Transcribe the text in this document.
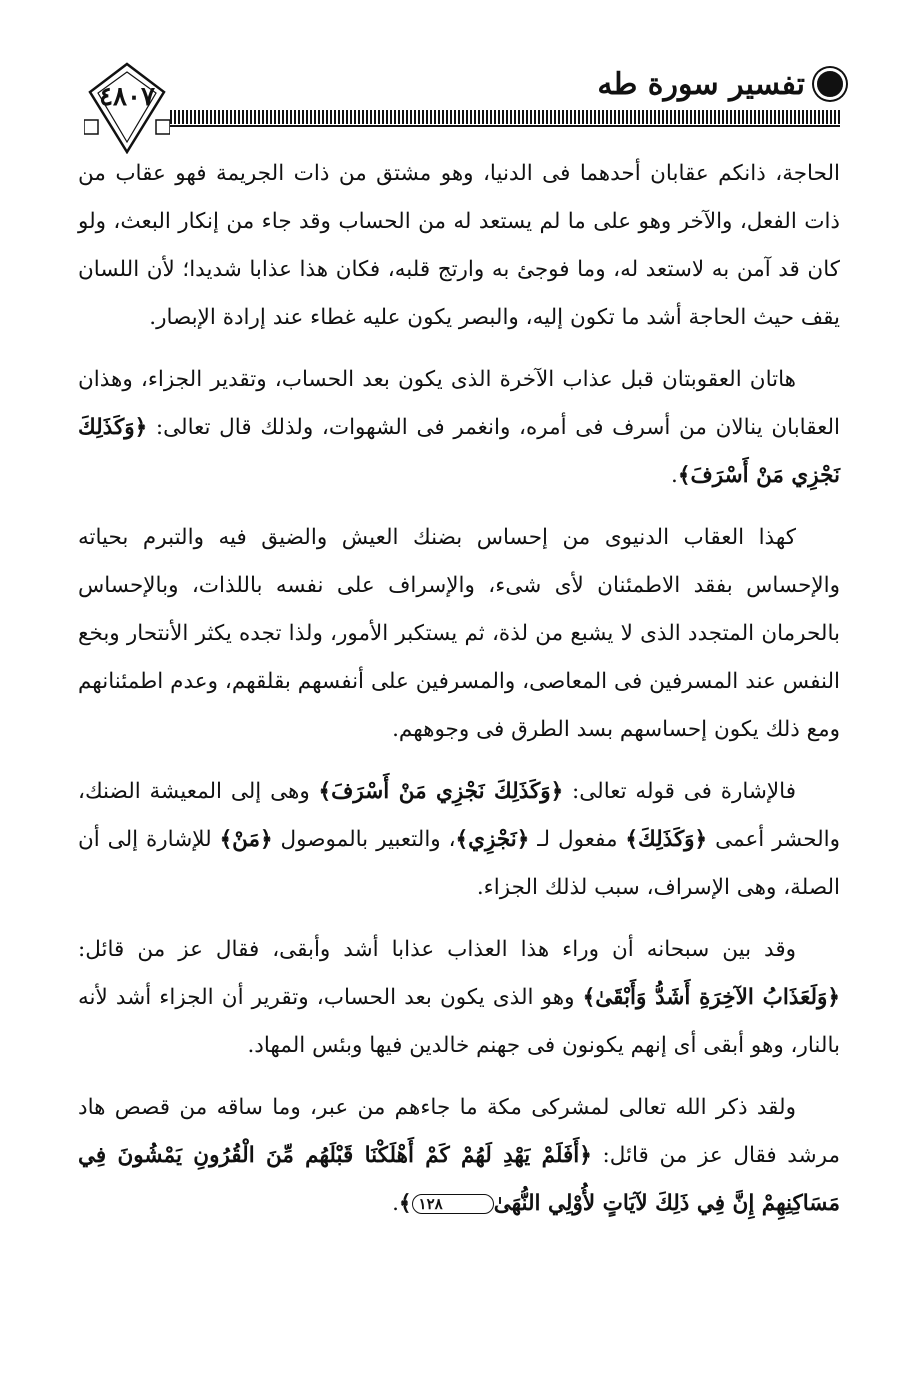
٤٨٠٧	تفسير سورة طه

الحاجة، ذانكم عقابان أحدهما فى الدنيا، وهو مشتق من ذات الجريمة فهو عقاب من ذات الفعل، والآخر وهو على ما لم يستعد له من الحساب وقد جاء من إنكار البعث، ولو كان قد آمن به لاستعد له، وما فوجئ به وارتج قلبه، فكان هذا عذابا شديدا؛ لأن اللسان يقف حيث الحاجة أشد ما تكون إليه، والبصر يكون عليه غطاء عند إرادة الإبصار.

هاتان العقوبتان قبل عذاب الآخرة الذى يكون بعد الحساب، وتقدير الجزاء، وهذان العقابان ينالان من أسرف فى أمره، وانغمر فى الشهوات، ولذلك قال تعالى: ﴿وَكَذَلِكَ نَجْزِي مَنْ أَسْرَفَ﴾.

كهذا العقاب الدنيوى من إحساس بضنك العيش والضيق فيه والتبرم بحياته والإحساس بفقد الاطمئنان لأى شىء، والإسراف على نفسه باللذات، وبالإحساس بالحرمان المتجدد الذى لا يشبع من لذة، ثم يستكبر الأمور، ولذا تجده يكثر الأنتحار وبخع النفس عند المسرفين فى المعاصى، والمسرفين على أنفسهم بقلقهم، وعدم اطمئنانهم ومع ذلك يكون إحساسهم بسد الطرق فى وجوههم.

فالإشارة فى قوله تعالى: ﴿وَكَذَلِكَ نَجْزِي مَنْ أَسْرَفَ﴾ وهى إلى المعيشة الضنك، والحشر أعمى ﴿وَكَذَلِكَ﴾ مفعول لـ ﴿نَجْزِي﴾، والتعبير بالموصول ﴿مَنْ﴾ للإشارة إلى أن الصلة، وهى الإسراف، سبب لذلك الجزاء.

وقد بين سبحانه أن وراء هذا العذاب عذابا أشد وأبقى، فقال عز من قائل: ﴿وَلَعَذَابُ الآخِرَةِ أَشَدُّ وَأَبْقَىٰ﴾ وهو الذى يكون بعد الحساب، وتقرير أن الجزاء أشد لأنه بالنار، وهو أبقى أى إنهم يكونون فى جهنم خالدين فيها وبئس المهاد.

ولقد ذكر الله تعالى لمشركى مكة ما جاءهم من عبر، وما ساقه من قصص هاد مرشد فقال عز من قائل: ﴿أَفَلَمْ يَهْدِ لَهُمْ كَمْ أَهْلَكْنَا قَبْلَهُم مِّنَ الْقُرُونِ يَمْشُونَ فِي مَسَاكِنِهِمْ إِنَّ فِي ذَلِكَ لآيَاتٍ لأُوْلِي النُّهَىٰ١٢٨﴾.
